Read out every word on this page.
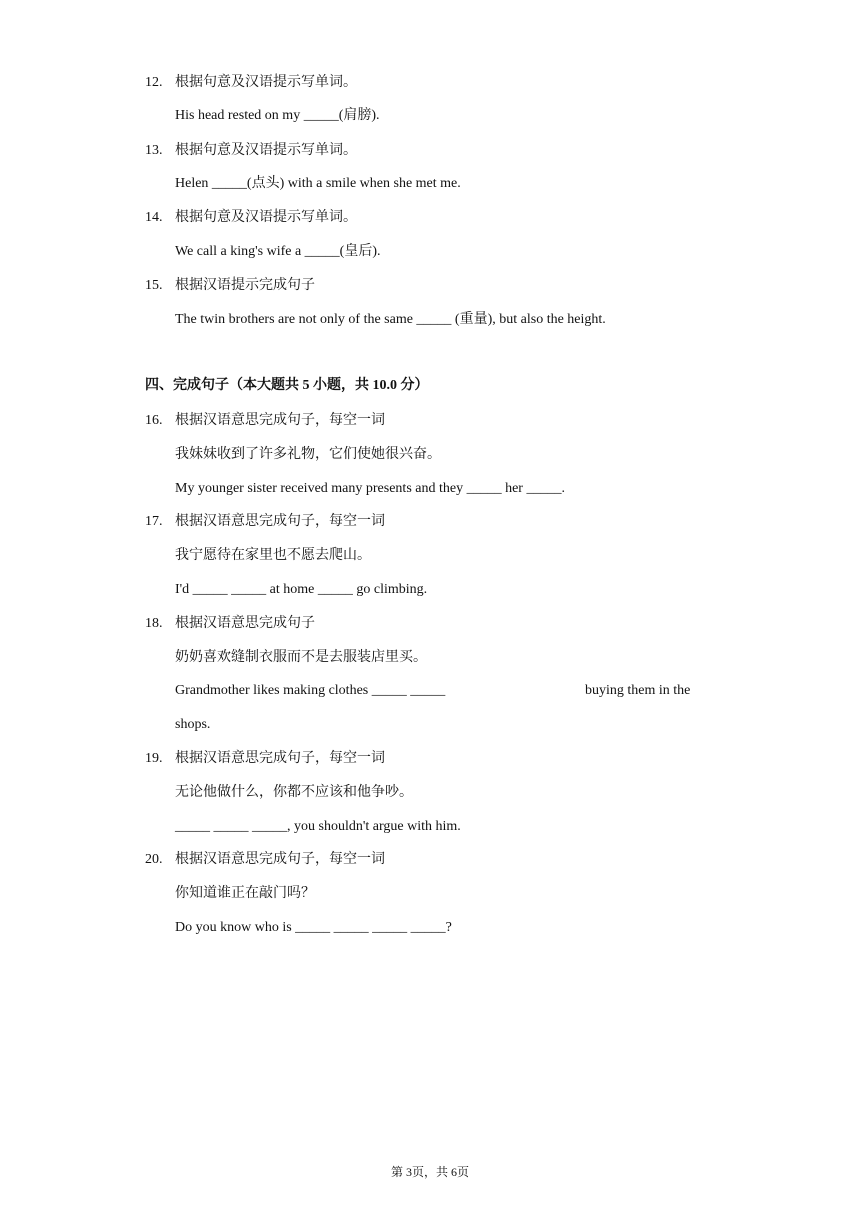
12. 根据句意及汉语提示写单词。
His head rested on my _____(肩膀).
13. 根据句意及汉语提示写单词。
Helen _____(点头) with a smile when she met me.
14. 根据句意及汉语提示写单词。
We call a king's wife a _____(皇后).
15. 根据汉语提示完成句子
The twin brothers are not only of the same _____ (重量), but also the height.
四、完成句子（本大题共 5 小题，共 10.0 分）
16. 根据汉语意思完成句子，每空一词
我妹妹收到了许多礼物，它们使她很兴奋。
My younger sister received many presents and they _____ her _____.
17. 根据汉语意思完成句子，每空一词
我宁愿待在家里也不愿去爬山。
I'd _____ _____ at home _____ go climbing.
18. 根据汉语意思完成句子
奶奶喜欢缝制衣服而不是去服装店里买。
Grandmother likes making clothes _____ _____	buying them in the
shops.
19. 根据汉语意思完成句子，每空一词
无论他做什么，你都不应该和他争吵。
_____ _____ _____, you shouldn't argue with him.
20. 根据汉语意思完成句子，每空一词
你知道谁正在敲门吗？
Do you know who is _____ _____ _____ _____?
第 3页，共 6页
